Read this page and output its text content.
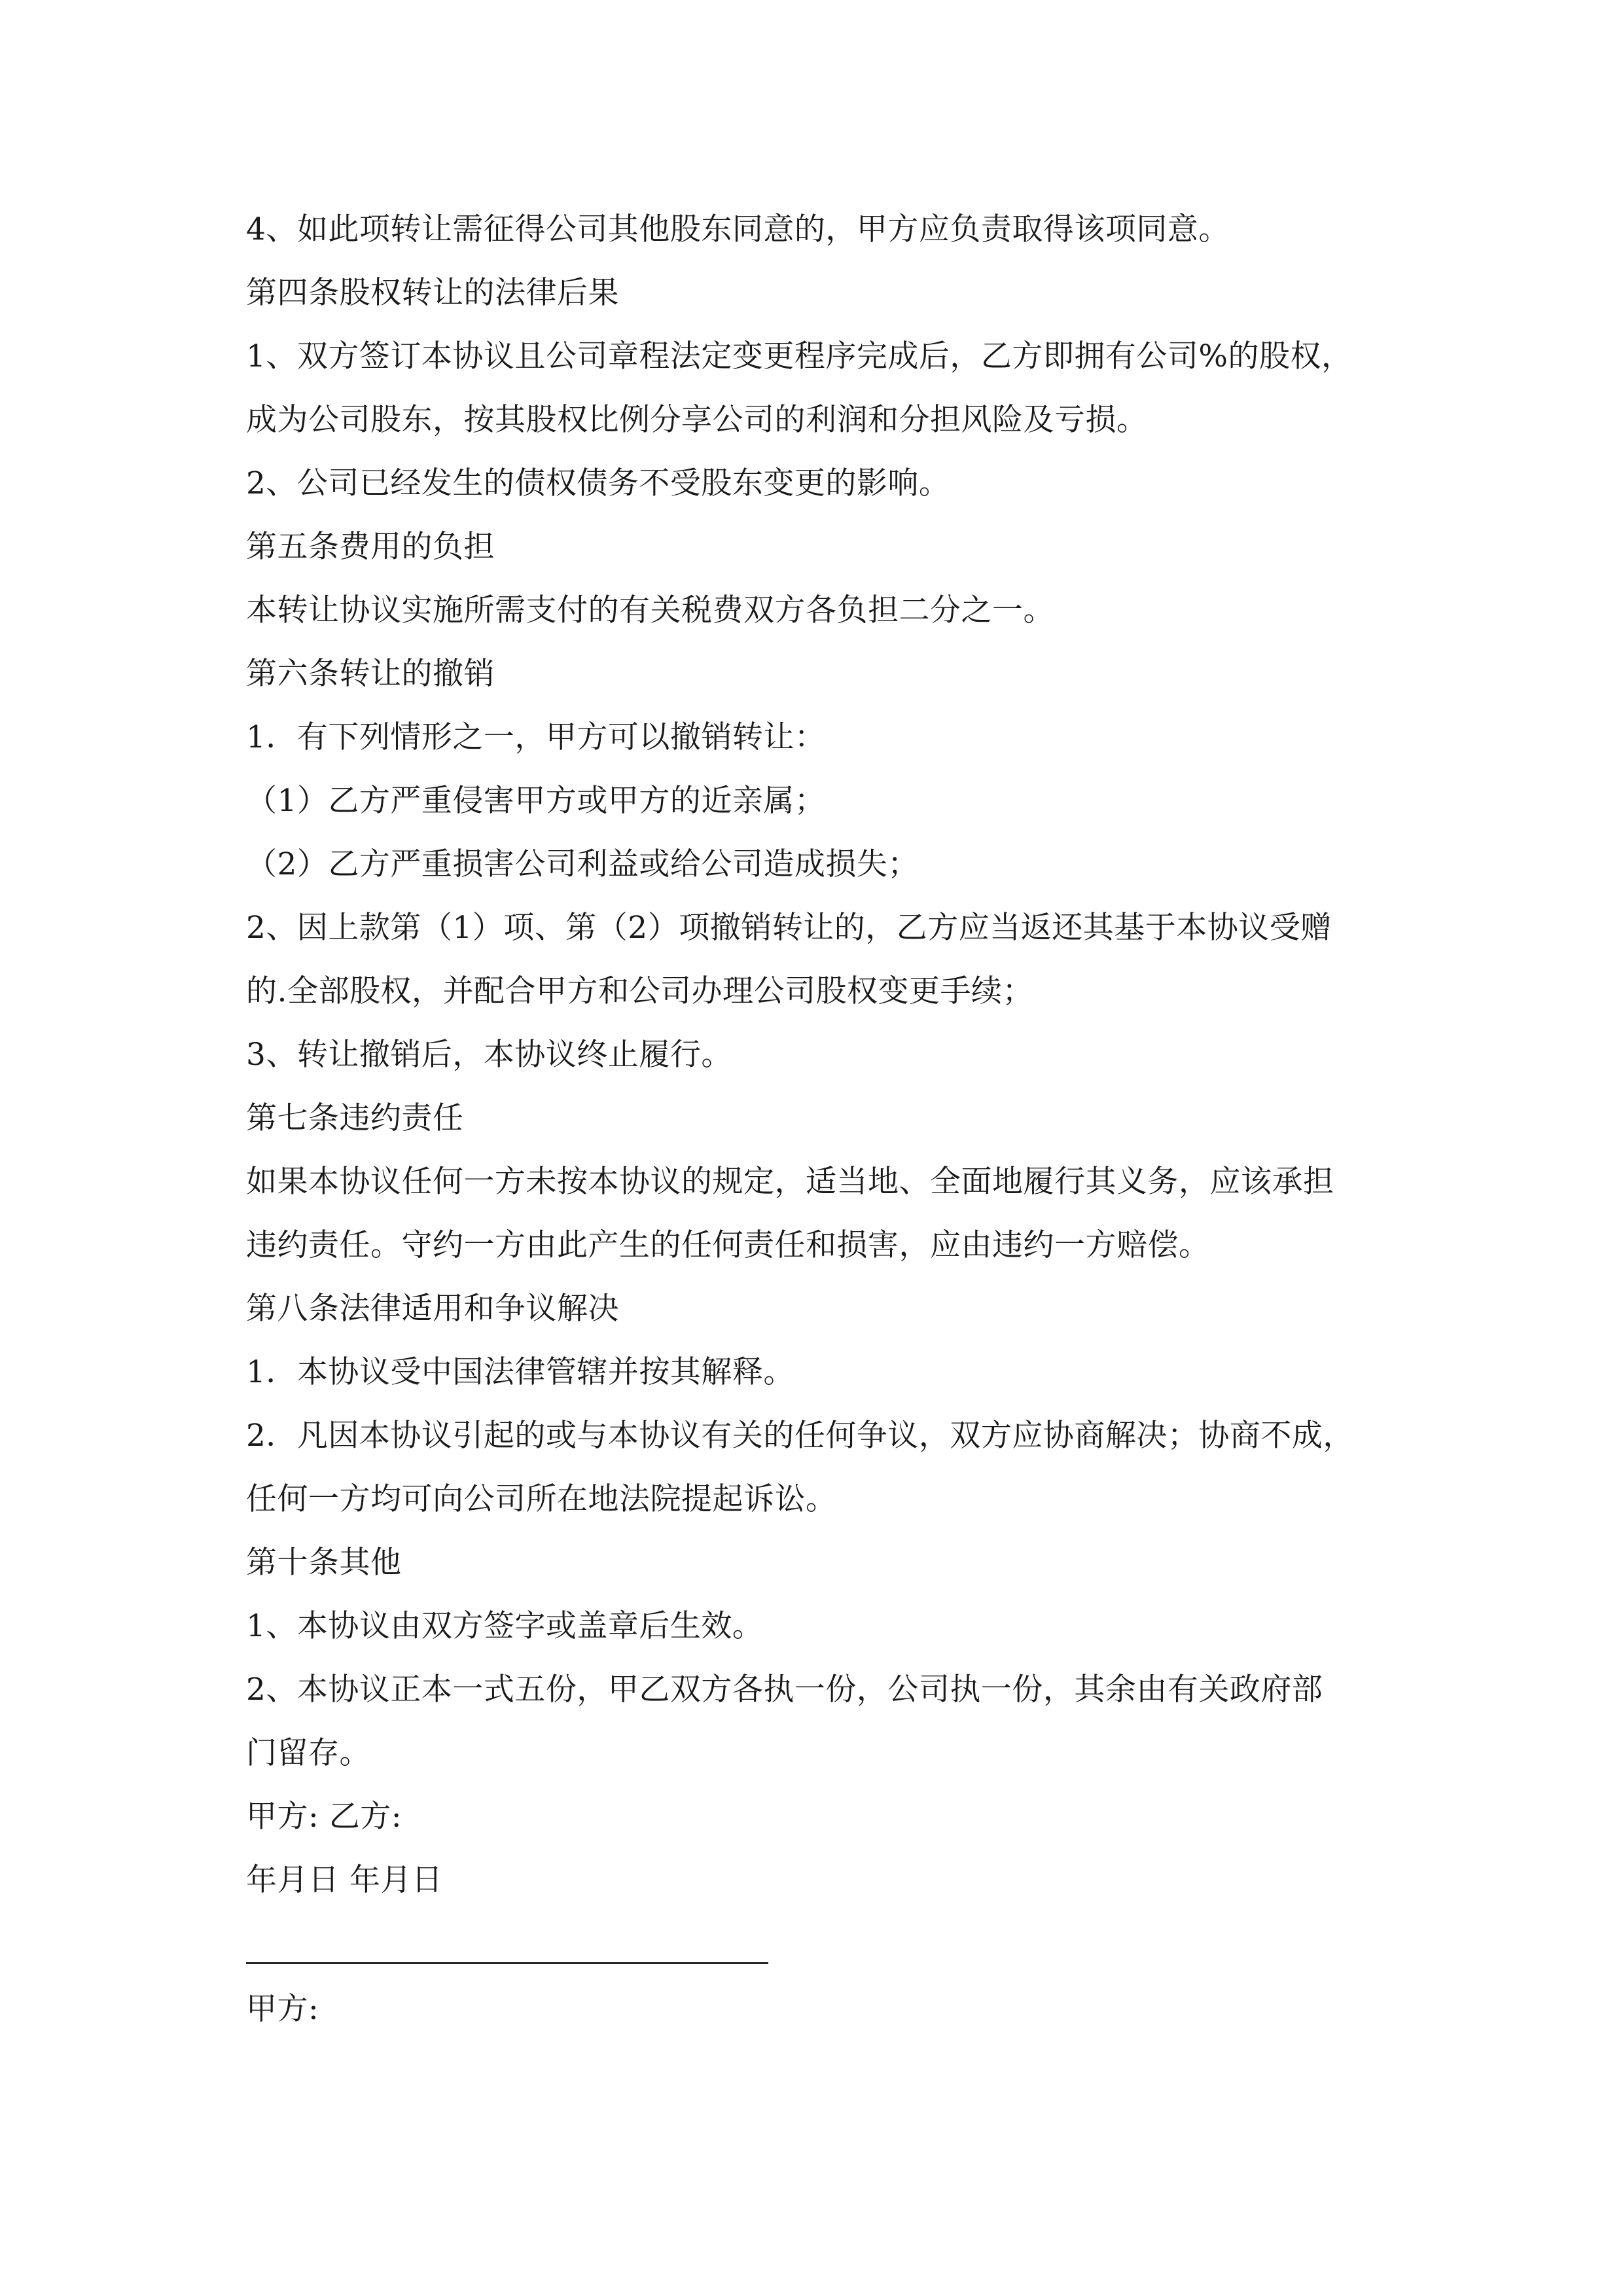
4、如此项转让需征得公司其他股东同意的，甲方应负责取得该项同意。

第四条股权转让的法律后果

1、双方签订本协议且公司章程法定变更程序完成后，乙方即拥有公司%的股权，

成为公司股东，按其股权比例分享公司的利润和分担风险及亏损。

2、公司已经发生的债权债务不受股东变更的影响。

第五条费用的负担

本转让协议实施所需支付的有关税费双方各负担二分之一。

第六条转让的撤销

1．有下列情形之一，甲方可以撤销转让：

（1）乙方严重侵害甲方或甲方的近亲属；

（2）乙方严重损害公司利益或给公司造成损失；

2、因上款第（1）项、第（2）项撤销转让的，乙方应当返还其基于本协议受赠

的.全部股权，并配合甲方和公司办理公司股权变更手续；

3、转让撤销后，本协议终止履行。

第七条违约责任

如果本协议任何一方未按本协议的规定，适当地、全面地履行其义务，应该承担

违约责任。守约一方由此产生的任何责任和损害，应由违约一方赔偿。

第八条法律适用和争议解决

1．本协议受中国法律管辖并按其解释。

2．凡因本协议引起的或与本协议有关的任何争议，双方应协商解决；协商不成，

任何一方均可向公司所在地法院提起诉讼。

第十条其他

1、本协议由双方签字或盖章后生效。

2、本协议正本一式五份，甲乙双方各执一份，公司执一份，其余由有关政府部

门留存。

甲方: 乙方:

年月日 年月日

甲方:
